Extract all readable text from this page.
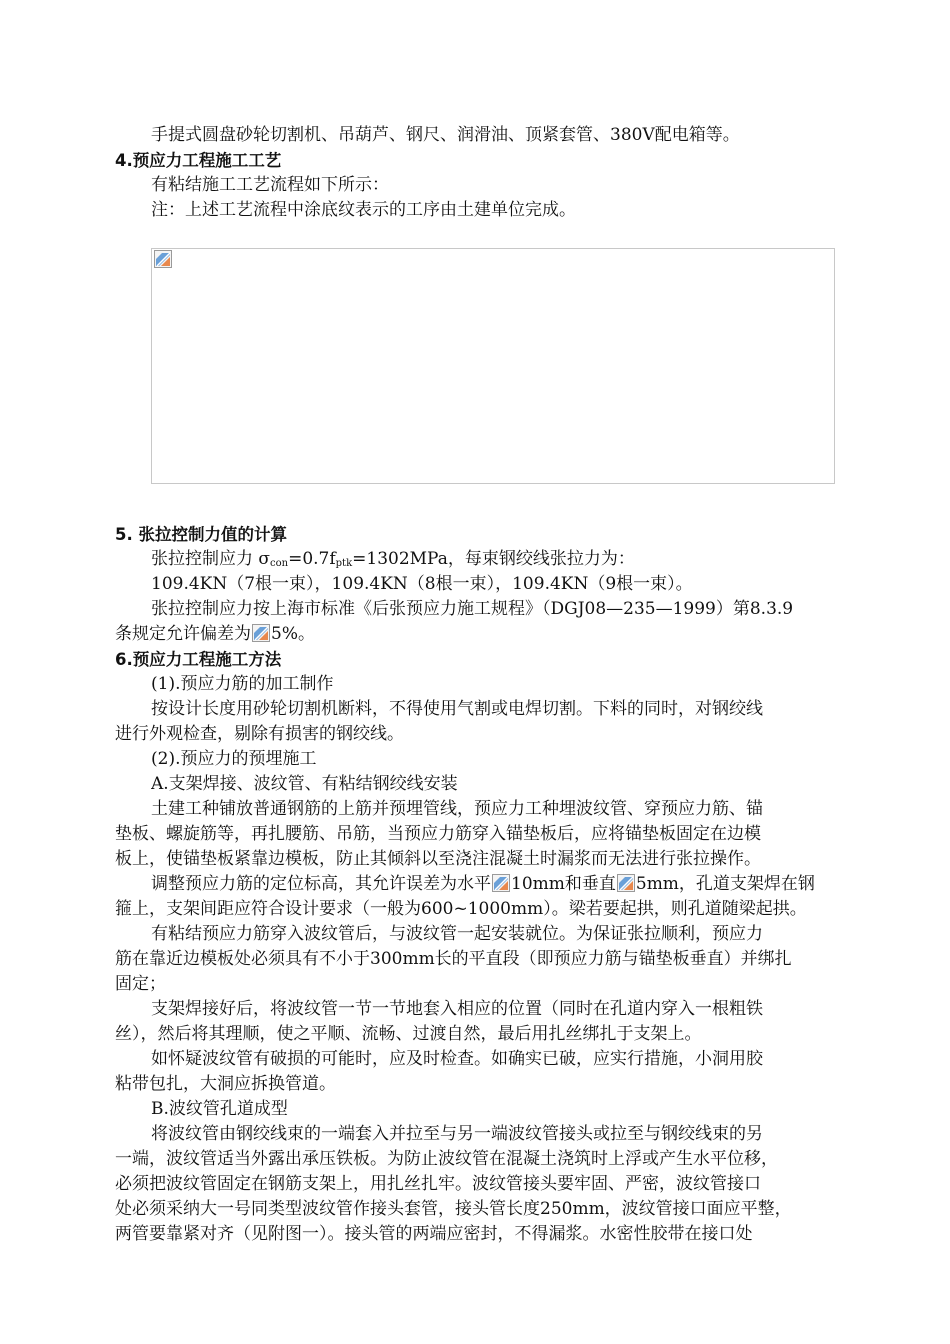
手提式圆盘砂轮切割机、吊葫芦、钢尺、润滑油、顶紧套管、380V配电箱等。
4.预应力工程施工工艺
有粘结施工工艺流程如下所示：
注：上述工艺流程中涂底纹表示的工序由土建单位完成。
5. 张拉控制力值的计算
张拉控制应力 $\sigma_{con}=0.7f_{ptk}=1302MPa$，每束钢绞线张拉力为：
109.4KN（7根一束），109.4KN（8根一束），109.4KN（9根一束）。
张拉控制应力按上海市标准《后张预应力施工规程》（DGJ08—235—1999）第8.3.9
条规定允许偏差为 5%。
6.预应力工程施工方法
(1).预应力筋的加工制作
按设计长度用砂轮切割机断料，不得使用气割或电焊切割。下料的同时，对钢绞线
进行外观检查，剔除有损害的钢绞线。
(2).预应力的预埋施工
A.支架焊接、波纹管、有粘结钢绞线安装
土建工种铺放普通钢筋的上筋并预埋管线，预应力工种埋波纹管、穿预应力筋、锚
垫板、螺旋筋等，再扎腰筋、吊筋，当预应力筋穿入锚垫板后，应将锚垫板固定在边模
板上，使锚垫板紧靠边模板，防止其倾斜以至浇注混凝土时漏浆而无法进行张拉操作。
调整预应力筋的定位标高，其允许误差为水平 10mm和垂直 5mm，孔道支架焊在钢
箍上，支架间距应符合设计要求（一般为600~1000mm）。梁若要起拱，则孔道随梁起拱。
有粘结预应力筋穿入波纹管后，与波纹管一起安装就位。为保证张拉顺利，预应力
筋在靠近边模板处必须具有不小于300mm长的平直段（即预应力筋与锚垫板垂直）并绑扎
固定；
支架焊接好后，将波纹管一节一节地套入相应的位置（同时在孔道内穿入一根粗铁
丝），然后将其理顺，使之平顺、流畅、过渡自然，最后用扎丝绑扎于支架上。
如怀疑波纹管有破损的可能时，应及时检查。如确实已破，应实行措施，小洞用胶
粘带包扎，大洞应拆换管道。
B.波纹管孔道成型
将波纹管由钢绞线束的一端套入并拉至与另一端波纹管接头或拉至与钢绞线束的另
一端，波纹管适当外露出承压铁板。为防止波纹管在混凝土浇筑时上浮或产生水平位移，
必须把波纹管固定在钢筋支架上，用扎丝扎牢。波纹管接头要牢固、严密，波纹管接口
处必须采纳大一号同类型波纹管作接头套管，接头管长度250mm，波纹管接口面应平整，
两管要靠紧对齐（见附图一）。接头管的两端应密封，不得漏浆。水密性胶带在接口处
